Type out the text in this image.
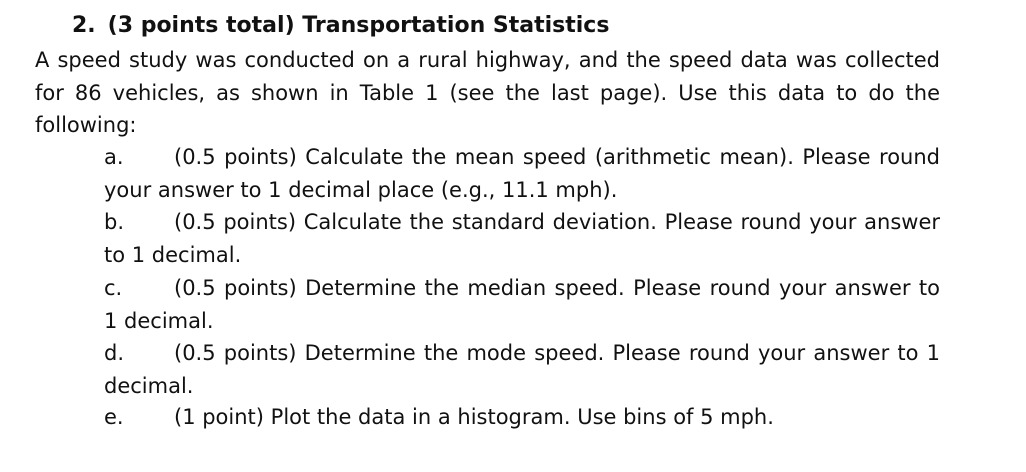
2. (3 points total) Transportation Statistics
A speed study was conducted on a rural highway, and the speed data was collected for 86 vehicles, as shown in Table 1 (see the last page). Use this data to do the following:
a. (0.5 points) Calculate the mean speed (arithmetic mean). Please round your answer to 1 decimal place (e.g., 11.1 mph).
b. (0.5 points) Calculate the standard deviation. Please round your answer to 1 decimal.
c. (0.5 points) Determine the median speed. Please round your answer to 1 decimal.
d. (0.5 points) Determine the mode speed. Please round your answer to 1 decimal.
e. (1 point) Plot the data in a histogram. Use bins of 5 mph.
